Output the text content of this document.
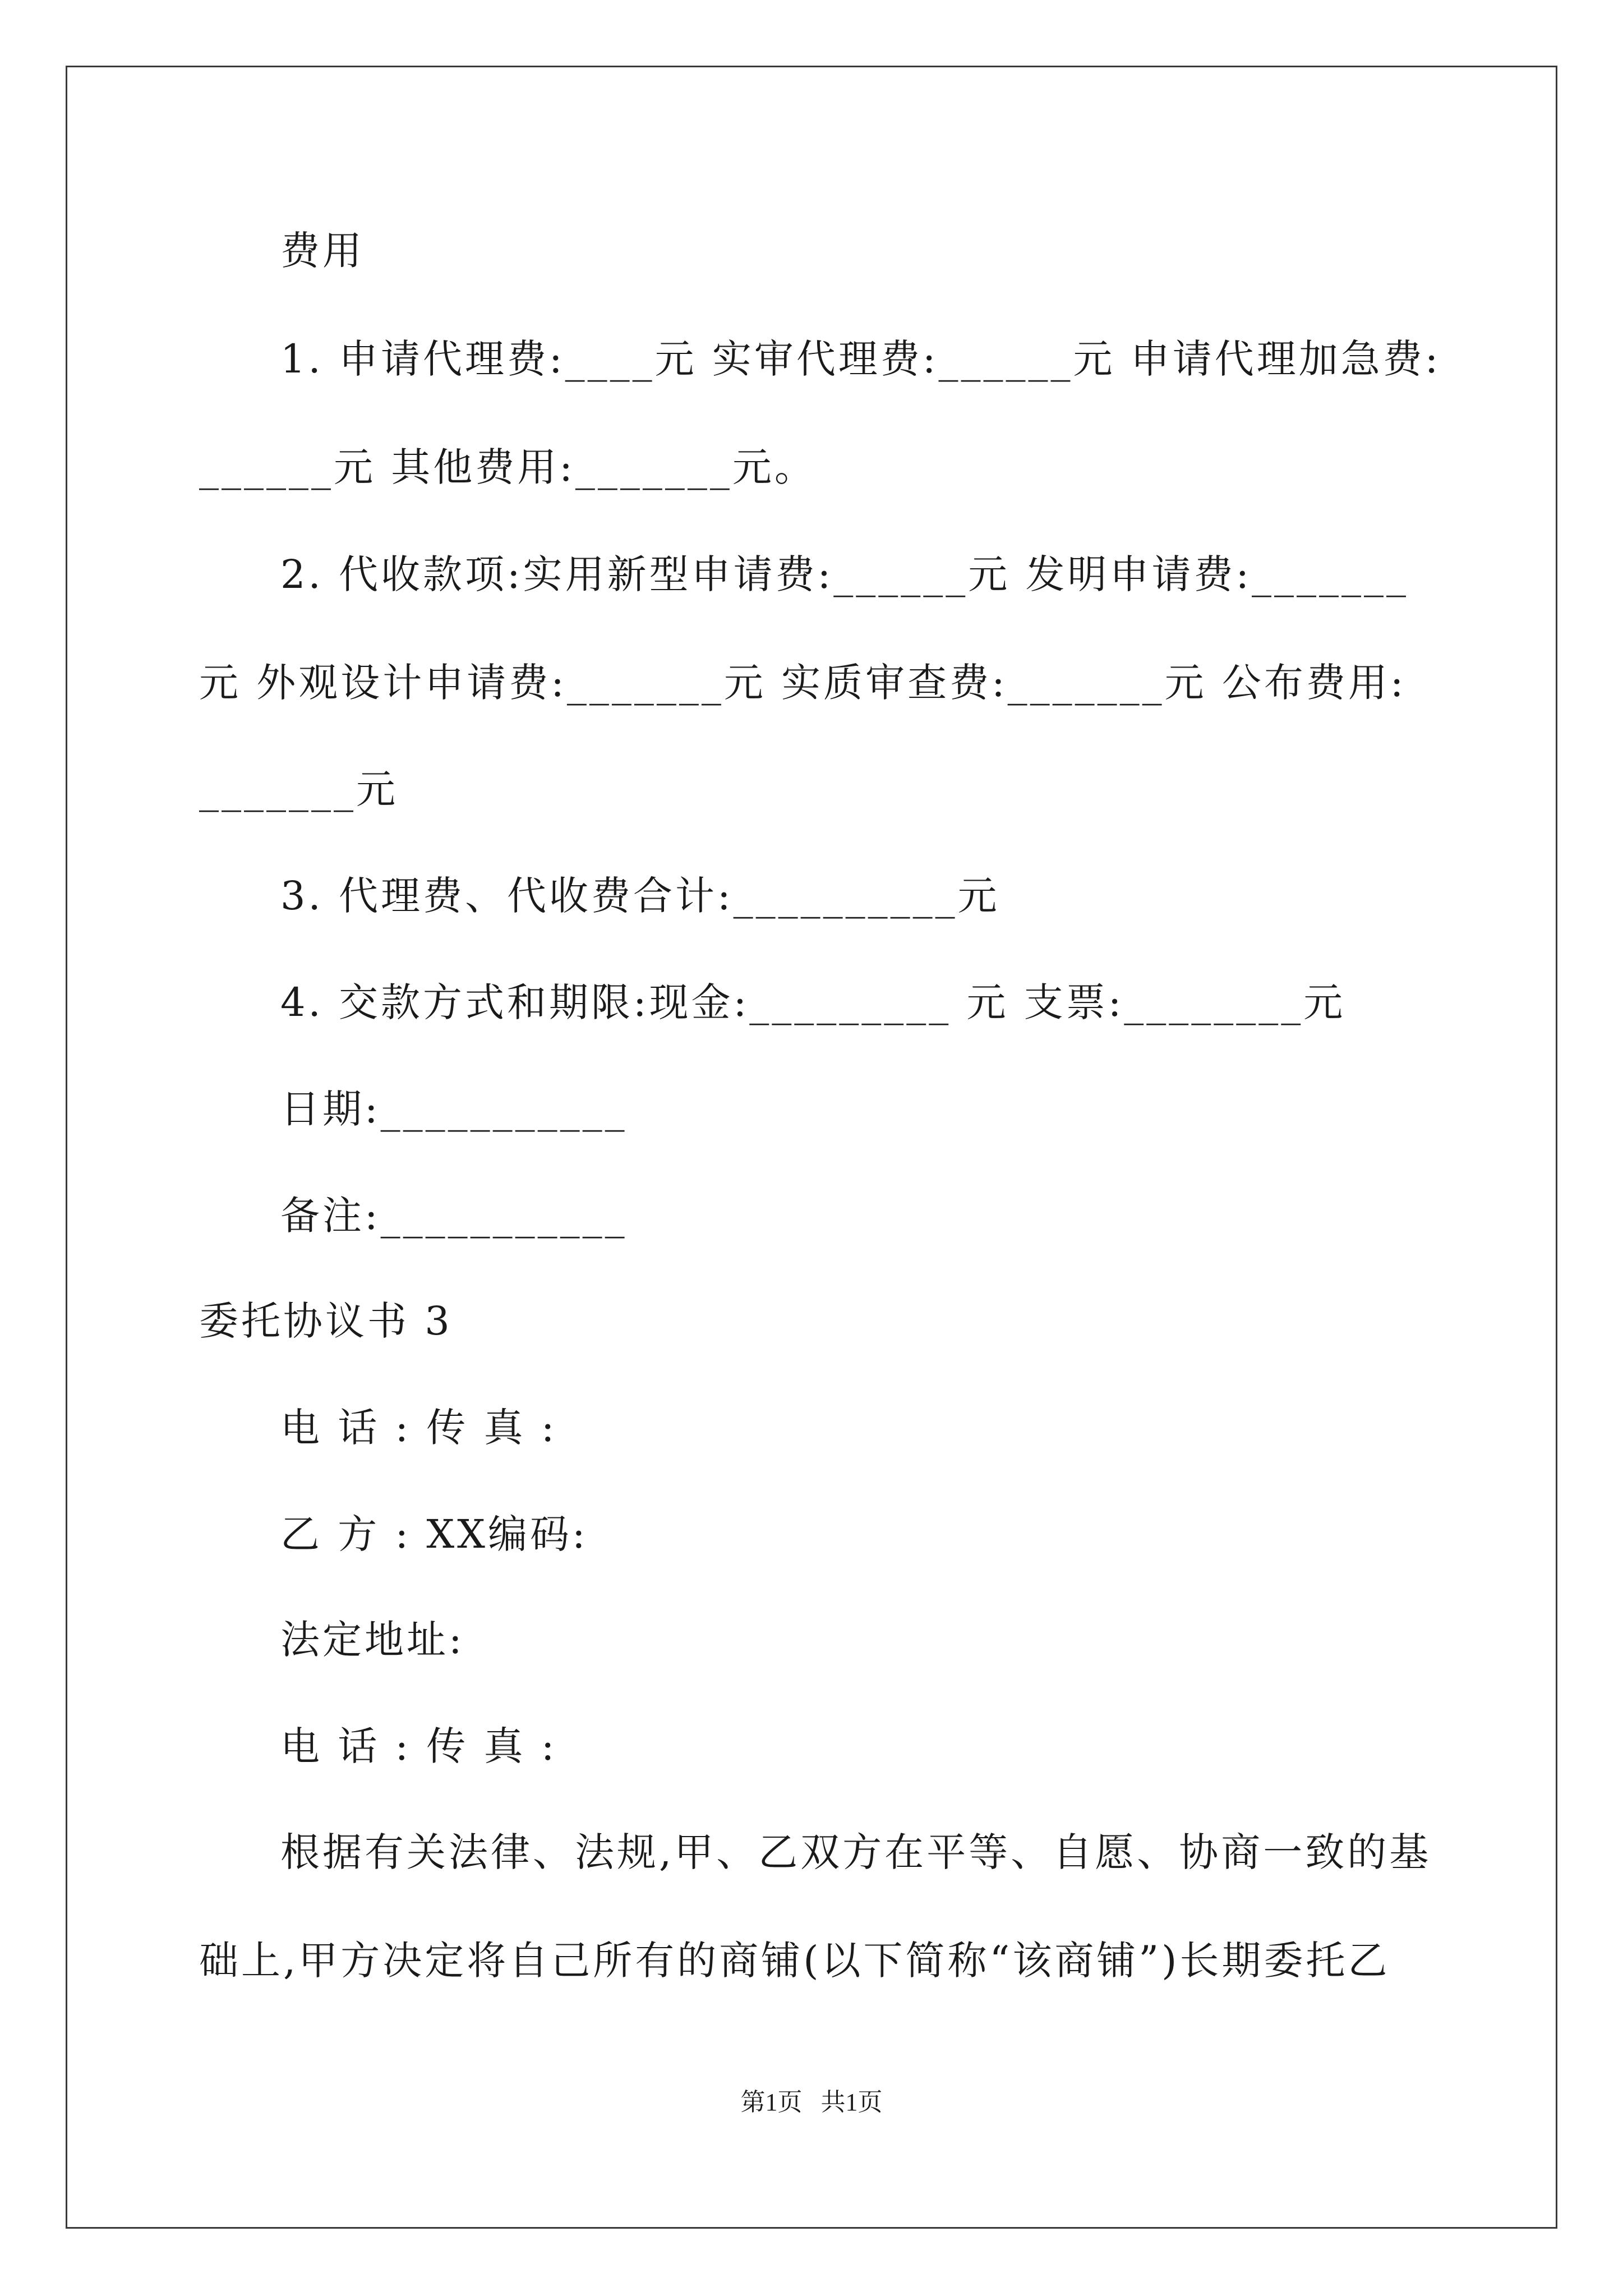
费用
1. 申请代理费:____元 实审代理费:______元 申请代理加急费:
______元 其他费用:_______元。
2. 代收款项:实用新型申请费:______元 发明申请费:_______
元 外观设计申请费:_______元 实质审查费:_______元 公布费用:
_______元
3. 代理费、代收费合计:__________元
4. 交款方式和期限:现金:_________ 元 支票:________元
日期:___________
备注:___________
委托协议书 3
电 话 : 传 真 :
乙 方 : XX编码:
法定地址:
电 话 : 传 真 :
根据有关法律、法规,甲、乙双方在平等、自愿、协商一致的基
础上,甲方决定将自己所有的商铺(以下简称“该商铺”)长期委托乙
第1页   共1页
